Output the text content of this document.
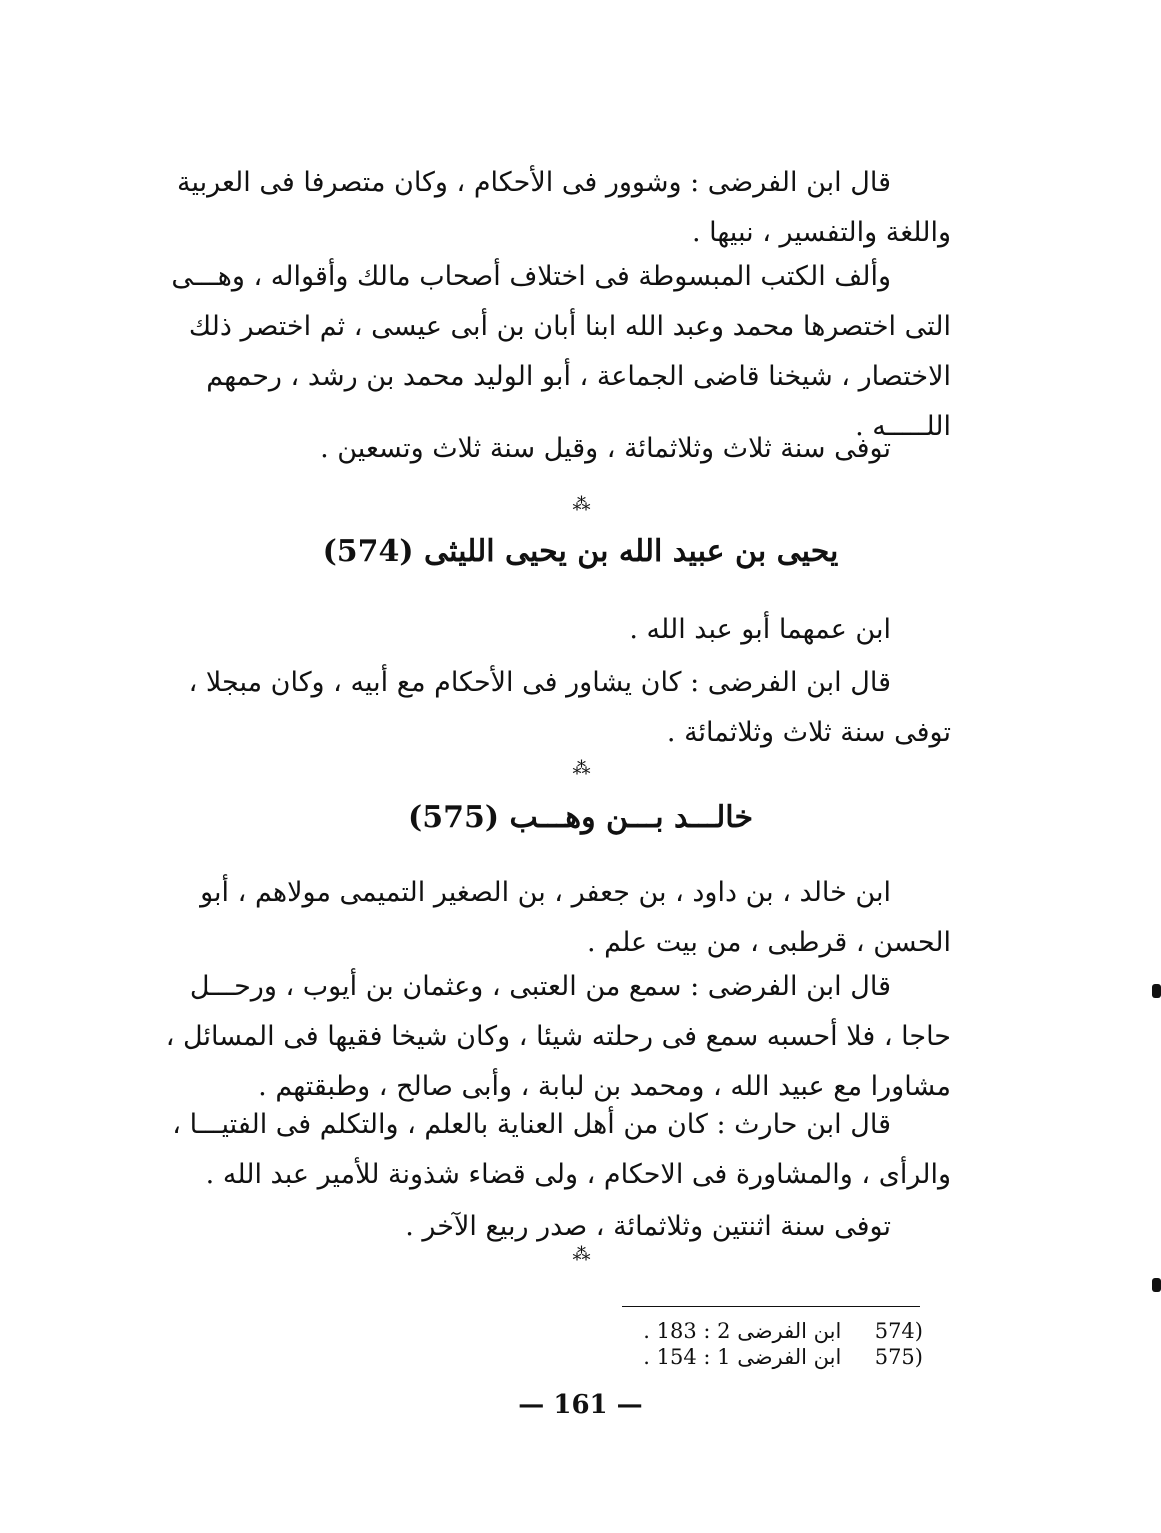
قال ابن الفرضى : وشوور فى الأحكام ، وكان متصرفا فى العربية
واللغة والتفسير ، نبيها .
وألف الكتب المبسوطة فى اختلاف أصحاب مالك وأقواله ، وهـــى
التى اختصرها محمد وعبد الله ابنا أبان بن أبى عيسى ، ثم اختصر ذلك
الاختصار ، شيخنا قاضى الجماعة ، أبو الوليد محمد بن رشد ، رحمهم
اللـــــه .
توفى سنة ثلاث وثلاثمائة ، وقيل سنة ثلاث وتسعين .
⁂
يحيى بن عبيد الله بن يحيى الليثى (574)
ابن عمهما أبو عبد الله .
قال ابن الفرضى : كان يشاور فى الأحكام مع أبيه ، وكان مبجلا ،
توفى سنة ثلاث وثلاثمائة .
⁂
خالـــد بـــن وهـــب (575)
ابن خالد ، بن داود ، بن جعفر ، بن الصغير التميمى مولاهم ، أبو
الحسن ، قرطبى ، من بيت علم .
قال ابن الفرضى : سمع من العتبى ، وعثمان بن أيوب ، ورحـــل
حاجا ، فلا أحسبه سمع فى رحلته شيئا ، وكان شيخا فقيها فى المسائل ،
مشاورا مع عبيد الله ، ومحمد بن لبابة ، وأبى صالح ، وطبقتهم .
قال ابن حارث : كان من أهل العناية بالعلم ، والتكلم فى الفتيـــا ،
والرأى ، والمشاورة فى الاحكام ، ولى قضاء شذونة للأمير عبد الله .
توفى سنة اثنتين وثلاثمائة ، صدر ربيع الآخر .
⁂
(574     ابن الفرضى 2 : 183 .
(575     ابن الفرضى 1 : 154 .
— 161 —
